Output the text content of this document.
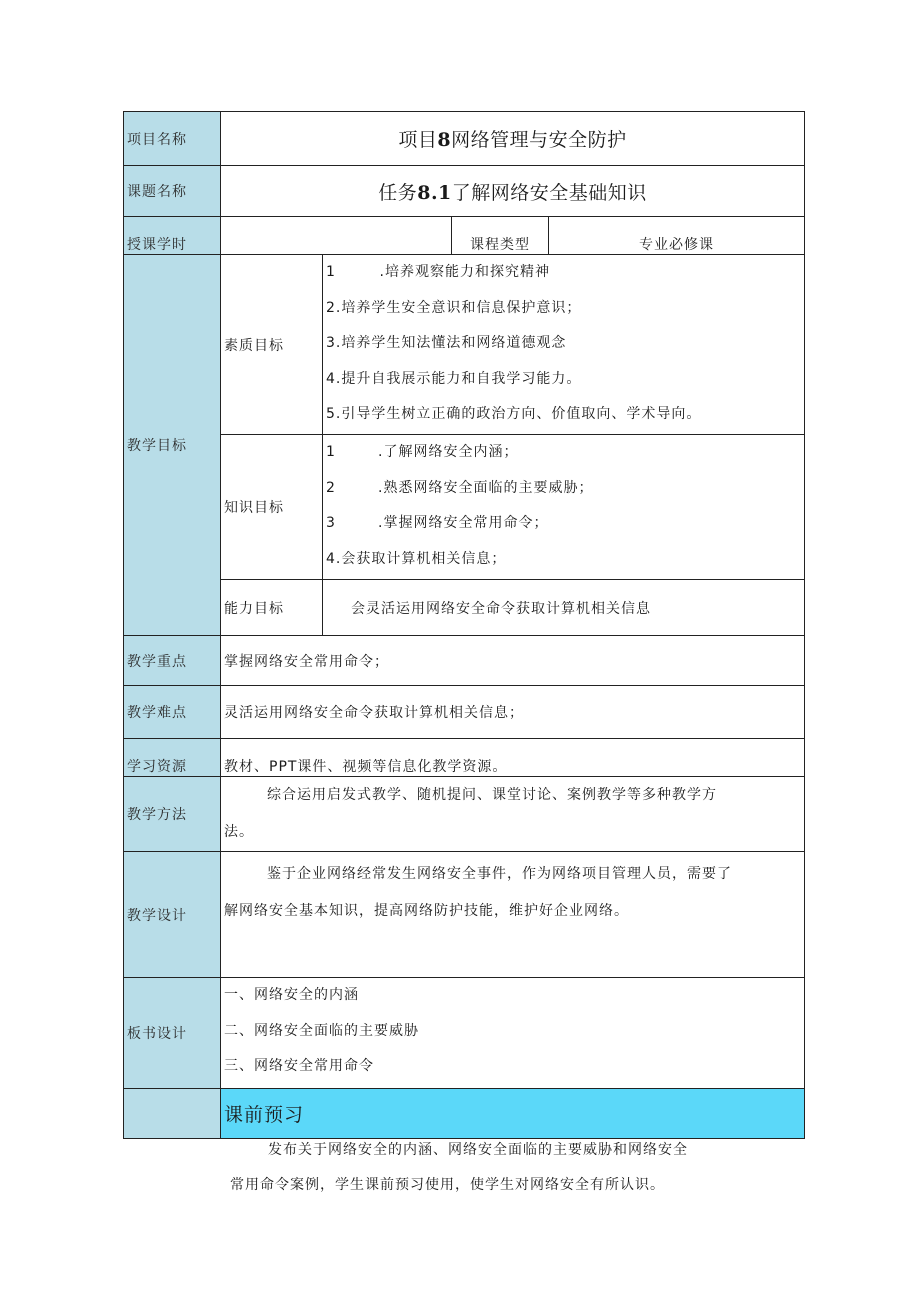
项目名称	项目8网络管理与安全防护			
课题名称	任务8.1了解网络安全基础知识			
授课学时			课程类型	专业必修课
教学目标	素质目标	1        .培养观察能力和探究精神
2.培养学生安全意识和信息保护意识；
3.培养学生知法懂法和网络道德观念
4.提升自我展示能力和自我学习能力。
5.引导学生树立正确的政治方向、价值取向、学术导向。		

	知识目标	1 .了解网络安全内涵；
2 .熟悉网络安全面临的主要威胁；
3 .掌握网络安全常用命令；
4.会获取计算机相关信息；		

	能力目标	会灵活运用网络安全命令获取计算机相关信息		
教学重点	掌握网络安全常用命令；			
教学难点	灵活运用网络安全命令获取计算机相关信息；			
学习资源	教材、PPT课件、视频等信息化教学资源。			
教学方法	综合运用启发式教学、随机提问、课堂讨论、案例教学等多种教学方
法。			

教学设计	鉴于企业网络经常发生网络安全事件，作为网络项目管理人员，需要了
解网络安全基本知识，提高网络防护技能，维护好企业网络。			

板书设计	一、网络安全的内涵
二、网络安全面临的主要威胁
三、网络安全常用命令			

	课前预习			
发布关于网络安全的内涵、网络安全面临的主要威胁和网络安全
常用命令案例，学生课前预习使用，使学生对网络安全有所认识。
